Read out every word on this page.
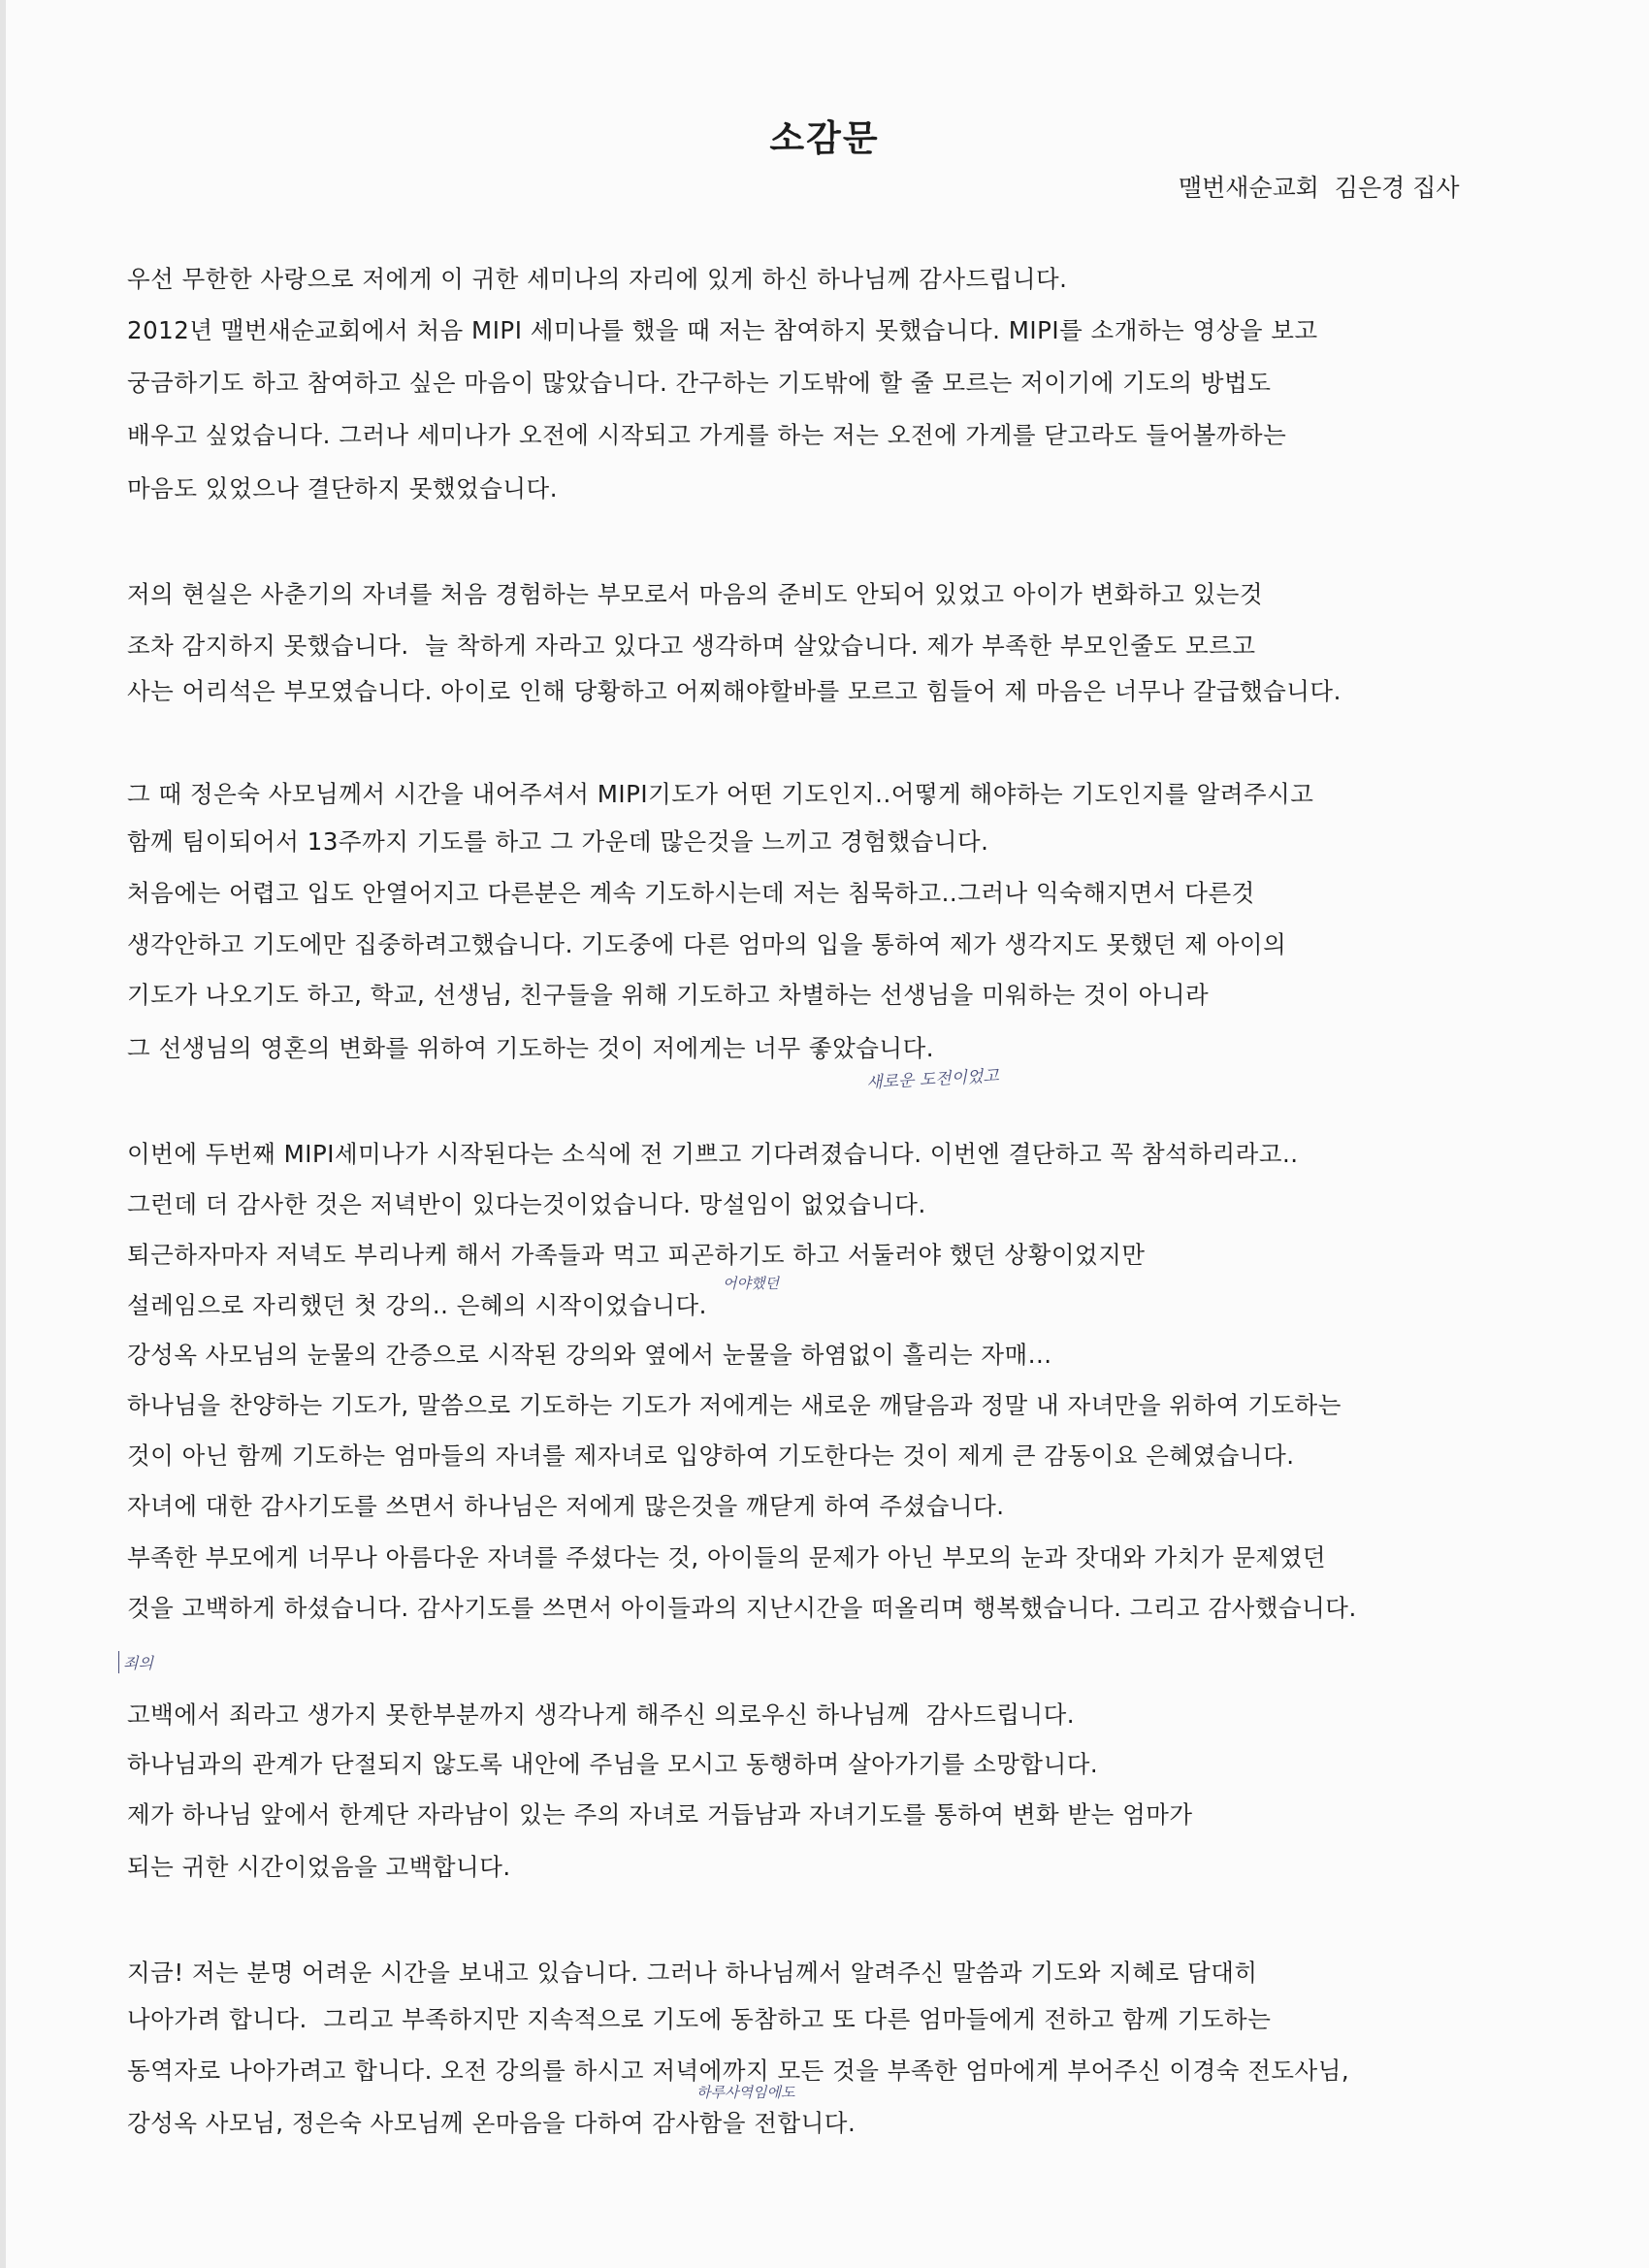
소감문
맬번새순교회  김은경 집사
우선 무한한 사랑으로 저에게 이 귀한 세미나의 자리에 있게 하신 하나님께 감사드립니다.
2012년 맬번새순교회에서 처음 MIPI 세미나를 했을 때 저는 참여하지 못했습니다. MIPI를 소개하는 영상을 보고
궁금하기도 하고 참여하고 싶은 마음이 많았습니다. 간구하는 기도밖에 할 줄 모르는 저이기에 기도의 방법도
배우고 싶었습니다. 그러나 세미나가 오전에 시작되고 가게를 하는 저는 오전에 가게를 닫고라도 들어볼까하는
마음도 있었으나 결단하지 못했었습니다.
저의 현실은 사춘기의 자녀를 처음 경험하는 부모로서 마음의 준비도 안되어 있었고 아이가 변화하고 있는것
조차 감지하지 못했습니다.  늘 착하게 자라고 있다고 생각하며 살았습니다. 제가 부족한 부모인줄도 모르고
사는 어리석은 부모였습니다. 아이로 인해 당황하고 어찌해야할바를 모르고 힘들어 제 마음은 너무나 갈급했습니다.
그 때 정은숙 사모님께서 시간을 내어주셔서 MIPI기도가 어떤 기도인지..어떻게 해야하는 기도인지를 알려주시고
함께 팀이되어서 13주까지 기도를 하고 그 가운데 많은것을 느끼고 경험했습니다.
처음에는 어렵고 입도 안열어지고 다른분은 계속 기도하시는데 저는 침묵하고..그러나 익숙해지면서 다른것
생각안하고 기도에만 집중하려고했습니다. 기도중에 다른 엄마의 입을 통하여 제가 생각지도 못했던 제 아이의
기도가 나오기도 하고, 학교, 선생님, 친구들을 위해 기도하고 차별하는 선생님을 미워하는 것이 아니라
그 선생님의 영혼의 변화를 위하여 기도하는 것이 저에게는 너무 좋았습니다.
이번에 두번째 MIPI세미나가 시작된다는 소식에 전 기쁘고 기다려졌습니다. 이번엔 결단하고 꼭 참석하리라고..
그런데 더 감사한 것은 저녁반이 있다는것이었습니다. 망설임이 없었습니다.
퇴근하자마자 저녁도 부리나케 해서 가족들과 먹고 피곤하기도 하고 서둘러야 했던 상황이었지만
설레임으로 자리했던 첫 강의.. 은혜의 시작이었습니다.
강성옥 사모님의 눈물의 간증으로 시작된 강의와 옆에서 눈물을 하염없이 흘리는 자매...
하나님을 찬양하는 기도가, 말씀으로 기도하는 기도가 저에게는 새로운 깨달음과 정말 내 자녀만을 위하여 기도하는
것이 아닌 함께 기도하는 엄마들의 자녀를 제자녀로 입양하여 기도한다는 것이 제게 큰 감동이요 은혜였습니다.
자녀에 대한 감사기도를 쓰면서 하나님은 저에게 많은것을 깨닫게 하여 주셨습니다.
부족한 부모에게 너무나 아름다운 자녀를 주셨다는 것, 아이들의 문제가 아닌 부모의 눈과 잣대와 가치가 문제였던
것을 고백하게 하셨습니다. 감사기도를 쓰면서 아이들과의 지난시간을 떠올리며 행복했습니다. 그리고 감사했습니다.
고백에서 죄라고 생가지 못한부분까지 생각나게 해주신 의로우신 하나님께  감사드립니다.
하나님과의 관계가 단절되지 않도록 내안에 주님을 모시고 동행하며 살아가기를 소망합니다.
제가 하나님 앞에서 한계단 자라남이 있는 주의 자녀로 거듭남과 자녀기도를 통하여 변화 받는 엄마가
되는 귀한 시간이었음을 고백합니다.
지금! 저는 분명 어려운 시간을 보내고 있습니다. 그러나 하나님께서 알려주신 말씀과 기도와 지혜로 담대히
나아가려 합니다.  그리고 부족하지만 지속적으로 기도에 동참하고 또 다른 엄마들에게 전하고 함께 기도하는
동역자로 나아가려고 합니다. 오전 강의를 하시고 저녁에까지 모든 것을 부족한 엄마에게 부어주신 이경숙 전도사님,
강성옥 사모님, 정은숙 사모님께 온마음을 다하여 감사함을 전합니다.
새로운 도전이었고
어야했던
죄의
하루사역임에도
